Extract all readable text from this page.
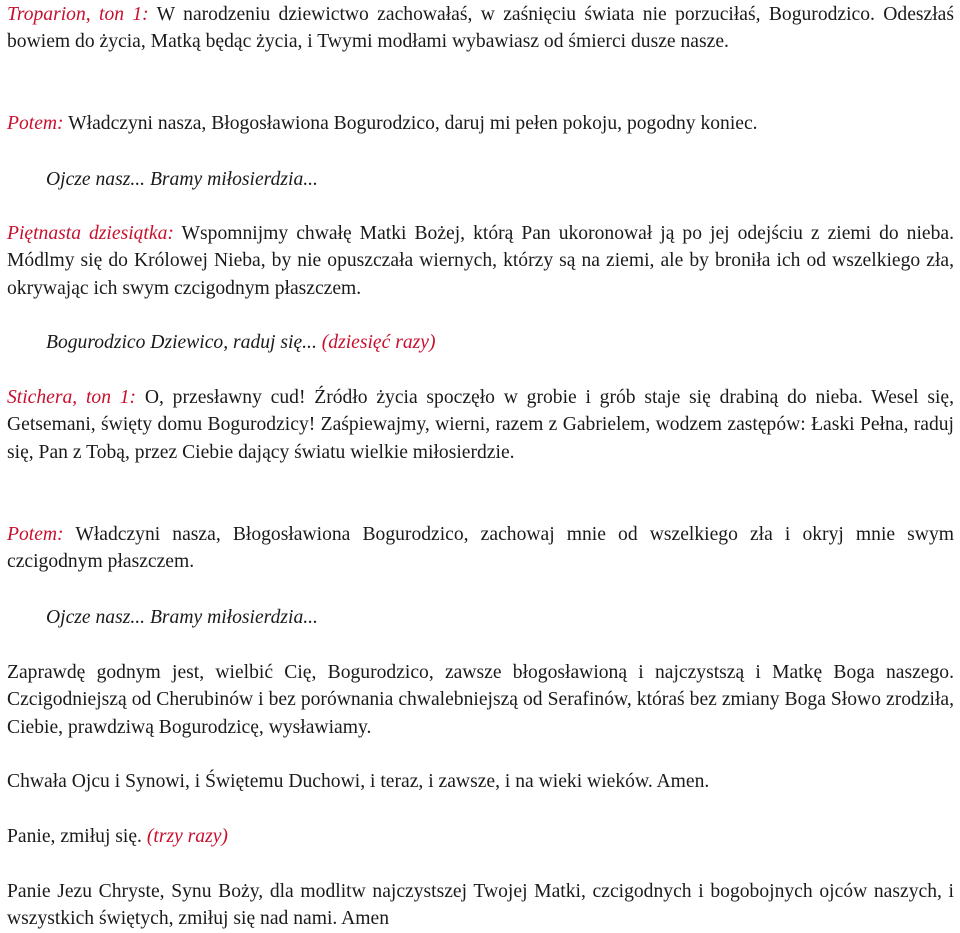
Troparion, ton 1: W narodzeniu dziewictwo zachowałaś, w zaśnięciu świata nie porzuciłaś, Bogurodzico. Odeszłaś bowiem do życia, Matką będąc życia, i Twymi modłami wybawiasz od śmierci dusze nasze.

Potem: Władczyni nasza, Błogosławiona Bogurodzico, daruj mi pełen pokoju, pogodny koniec.

Ojcze nasz... Bramy miłosierdzia...

Piętnasta dziesiątka: Wspomnijmy chwałę Matki Bożej, którą Pan ukoronował ją po jej odejściu z ziemi do nieba. Módlmy się do Królowej Nieba, by nie opuszczała wiernych, którzy są na ziemi, ale by broniła ich od wszelkiego zła, okrywając ich swym czcigodnym płaszczem.

Bogurodzico Dziewico, raduj się... (dziesięć razy)

Stichera, ton 1: O, przesławny cud! Źródło życia spoczęło w grobie i grób staje się drabiną do nieba. Wesel się, Getsemani, święty domu Bogurodzicy! Zaśpiewajmy, wierni, razem z Gabrielem, wodzem zastępów: Łaski Pełna, raduj się, Pan z Tobą, przez Ciebie dający światu wielkie miłosierdzie.

Potem: Władczyni nasza, Błogosławiona Bogurodzico, zachowaj mnie od wszelkiego zła i okryj mnie swym czcigodnym płaszczem.

Ojcze nasz... Bramy miłosierdzia...

Zaprawdę godnym jest, wielbić Cię, Bogurodzico, zawsze błogosławioną i najczystszą i Matkę Boga naszego. Czcigodniejszą od Cherubinów i bez porównania chwalebniejszą od Serafinów, któraś bez zmiany Boga Słowo zrodziła, Ciebie, prawdziwą Bogurodzicę, wysławiamy.

Chwała Ojcu i Synowi, i Świętemu Duchowi, i teraz, i zawsze, i na wieki wieków. Amen.

Panie, zmiłuj się. (trzy razy)

Panie Jezu Chryste, Synu Boży, dla modlitw najczystszej Twojej Matki, czcigodnych i bogobojnych ojców naszych, i wszystkich świętych, zmiłuj się nad nami. Amen
